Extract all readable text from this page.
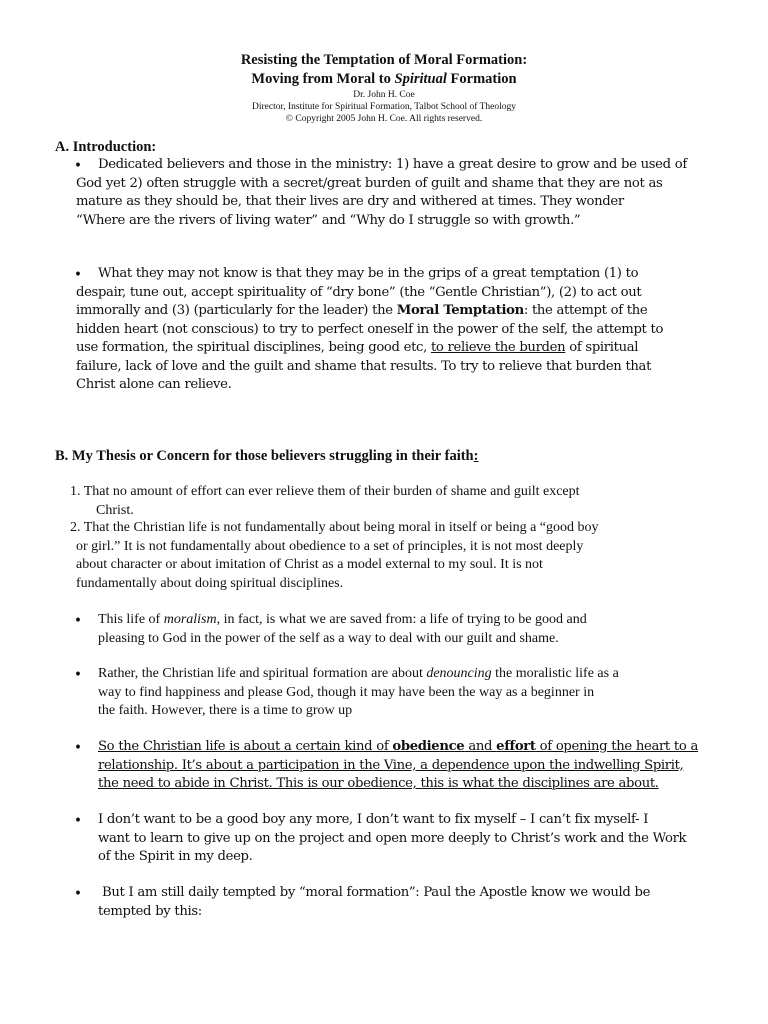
Resisting the Temptation of Moral Formation:
Moving from Moral to Spiritual Formation
Dr. John H. Coe
Director, Institute for Spiritual Formation, Talbot School of Theology
© Copyright 2005 John H. Coe. All rights reserved.
A. Introduction:
• Dedicated believers and those in the ministry: 1) have a great desire to grow and be used of
God yet 2) often struggle with a secret/great burden of guilt and shame that they are not as
mature as they should be, that their lives are dry and withered at times. They wonder
“Where are the rivers of living water” and “Why do I struggle so with growth.”
• What they may not know is that they may be in the grips of a great temptation (1) to
despair, tune out, accept spirituality of “dry bone” (the “Gentle Christian”), (2) to act out
immorally and (3) (particularly for the leader) the Moral Temptation: the attempt of the
hidden heart (not conscious) to try to perfect oneself in the power of the self, the attempt to
use formation, the spiritual disciplines, being good etc, to relieve the burden of spiritual
failure, lack of love and the guilt and shame that results. To try to relieve that burden that
Christ alone can relieve.
B. My Thesis or Concern for those believers struggling in their faith:
1. That no amount of effort can ever relieve them of their burden of shame and guilt except
Christ.
2. That the Christian life is not fundamentally about being moral in itself or being a “good boy
or girl.” It is not fundamentally about obedience to a set of principles, it is not most deeply
about character or about imitation of Christ as a model external to my soul. It is not
fundamentally about doing spiritual disciplines.
• This life of moralism, in fact, is what we are saved from: a life of trying to be good and
pleasing to God in the power of the self as a way to deal with our guilt and shame.
• Rather, the Christian life and spiritual formation are about denouncing the moralistic life as a
way to find happiness and please God, though it may have been the way as a beginner in
the faith. However, there is a time to grow up
• So the Christian life is about a certain kind of obedience and effort of opening the heart to a
relationship. It’s about a participation in the Vine, a dependence upon the indwelling Spirit,
the need to abide in Christ. This is our obedience, this is what the disciplines are about.
• I don’t want to be a good boy any more, I don’t want to fix myself – I can’t fix myself- I
want to learn to give up on the project and open more deeply to Christ’s work and the Work
of the Spirit in my deep.
• But I am still daily tempted by “moral formation”: Paul the Apostle know we would be
tempted by this:
